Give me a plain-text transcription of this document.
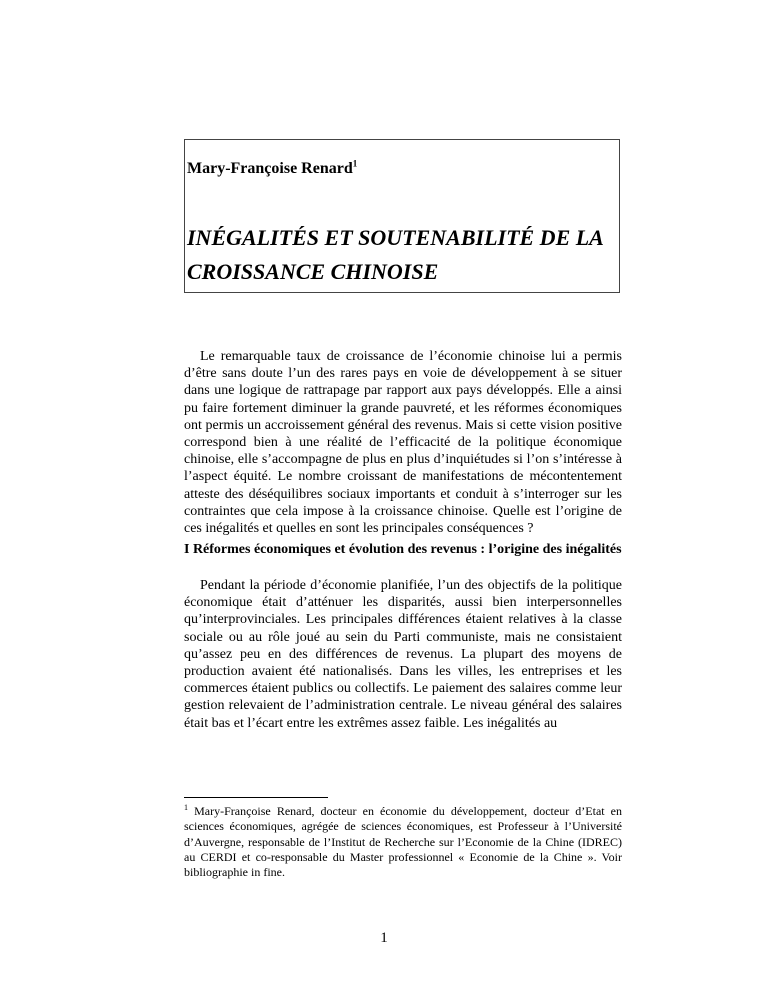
Mary-Françoise Renard$^1$
INÉGALITÉS ET SOUTENABILITÉ DE LA
CROISSANCE CHINOISE

Le remarquable taux de croissance de l’économie chinoise lui a permis d’être sans doute l’un des rares pays en voie de développement à se situer dans une logique de rattrapage par rapport aux pays développés. Elle a ainsi pu faire fortement diminuer la grande pauvreté, et les réformes économiques ont permis un accroissement général des revenus. Mais si cette vision positive correspond bien à une réalité de l’efficacité de la politique économique chinoise, elle s’accompagne de plus en plus d’inquiétudes si l’on s’intéresse à l’aspect équité. Le nombre croissant de manifestations de mécontentement atteste des déséquilibres sociaux importants et conduit à s’interroger sur les contraintes que cela impose à la croissance chinoise. Quelle est l’origine de ces inégalités et quelles en sont les principales conséquences ?

I Réformes économiques et évolution des revenus : l’origine des inégalités

Pendant la période d’économie planifiée, l’un des objectifs de la politique économique était d’atténuer les disparités, aussi bien interpersonnelles qu’interprovinciales. Les principales différences étaient relatives à la classe sociale ou au rôle joué au sein du Parti communiste, mais ne consistaient qu’assez peu en des différences de revenus. La plupart des moyens de production avaient été nationalisés. Dans les villes, les entreprises et les commerces étaient publics ou collectifs. Le paiement des salaires comme leur gestion relevaient de l’administration centrale. Le niveau général des salaires était bas et l’écart entre les extrêmes assez faible. Les inégalités au

$^1$ Mary-Françoise Renard, docteur en économie du développement, docteur d’Etat en sciences économiques, agrégée de sciences économiques, est Professeur à l’Université d’Auvergne, responsable de l’Institut de Recherche sur l’Economie de la Chine (IDREC) au CERDI et co-responsable du Master professionnel « Economie de la Chine ». Voir bibliographie in fine.

1
